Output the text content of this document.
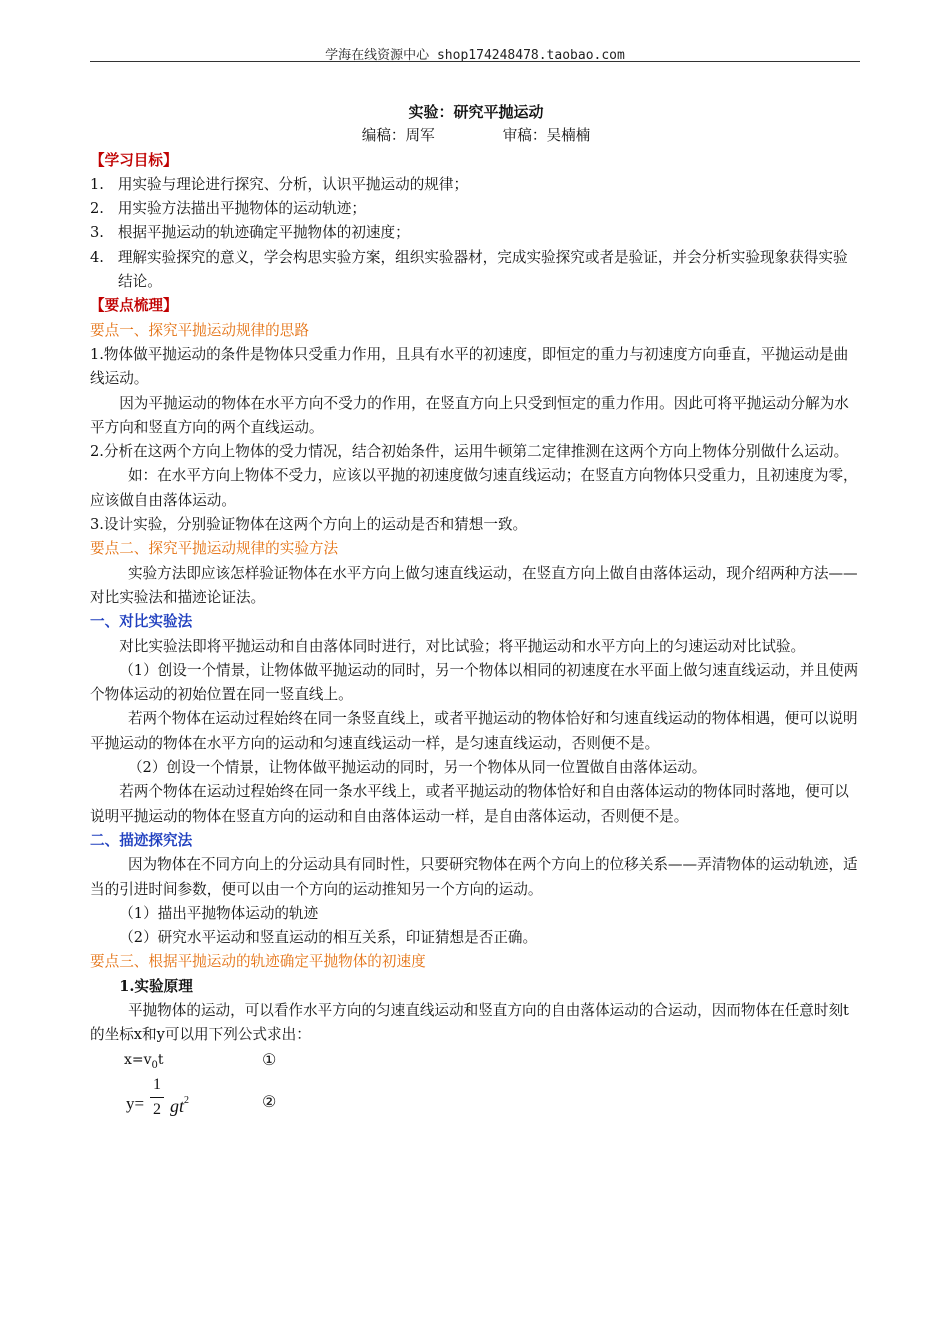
学海在线资源中心 shop174248478.taobao.com
实验：研究平抛运动
编稿：周军	审稿：吴楠楠

【学习目标】

1.   用实验与理论进行探究、分析，认识平抛运动的规律；

2.   用实验方法描出平抛物体的运动轨迹；

3.   根据平抛运动的轨迹确定平抛物体的初速度；

4.   理解实验探究的意义，学会构思实验方案，组织实验器材，完成实验探究或者是验证，并会分析实验现象获得实验结论。

【要点梳理】

要点一、探究平抛运动规律的思路

1.物体做平抛运动的条件是物体只受重力作用，且具有水平的初速度，即恒定的重力与初速度方向垂直，平抛运动是曲线运动。

因为平抛运动的物体在水平方向不受力的作用，在竖直方向上只受到恒定的重力作用。因此可将平抛运动分解为水平方向和竖直方向的两个直线运动。

2.分析在这两个方向上物体的受力情况，结合初始条件，运用牛顿第二定律推测在这两个方向上物体分别做什么运动。

如：在水平方向上物体不受力，应该以平抛的初速度做匀速直线运动；在竖直方向物体只受重力，且初速度为零，应该做自由落体运动。

3.设计实验，分别验证物体在这两个方向上的运动是否和猜想一致。

要点二、探究平抛运动规律的实验方法

实验方法即应该怎样验证物体在水平方向上做匀速直线运动，在竖直方向上做自由落体运动，现介绍两种方法——对比实验法和描迹论证法。

一、对比实验法

对比实验法即将平抛运动和自由落体同时进行，对比试验；将平抛运动和水平方向上的匀速运动对比试验。

（1）创设一个情景，让物体做平抛运动的同时，另一个物体以相同的初速度在水平面上做匀速直线运动，并且使两个物体运动的初始位置在同一竖直线上。

若两个物体在运动过程始终在同一条竖直线上，或者平抛运动的物体恰好和匀速直线运动的物体相遇，便可以说明平抛运动的物体在水平方向的运动和匀速直线运动一样，是匀速直线运动，否则便不是。

（2）创设一个情景，让物体做平抛运动的同时，另一个物体从同一位置做自由落体运动。

若两个物体在运动过程始终在同一条水平线上，或者平抛运动的物体恰好和自由落体运动的物体同时落地，便可以说明平抛运动的物体在竖直方向的运动和自由落体运动一样，是自由落体运动，否则便不是。

二、描迹探究法

因为物体在不同方向上的分运动具有同时性，只要研究物体在两个方向上的位移关系——弄清物体的运动轨迹，适当的引进时间参数，便可以由一个方向的运动推知另一个方向的运动。

（1）描出平抛物体运动的轨迹

（2）研究水平运动和竖直运动的相互关系，印证猜想是否正确。

要点三、根据平抛运动的轨迹确定平抛物体的初速度

1.实验原理

平抛物体的运动，可以看作水平方向的匀速直线运动和竖直方向的自由落体运动的合运动，因而物体在任意时刻t的坐标x和y可以用下列公式求出：

$x=v_0t$	①
y=
1
2 $gt^2$	②
